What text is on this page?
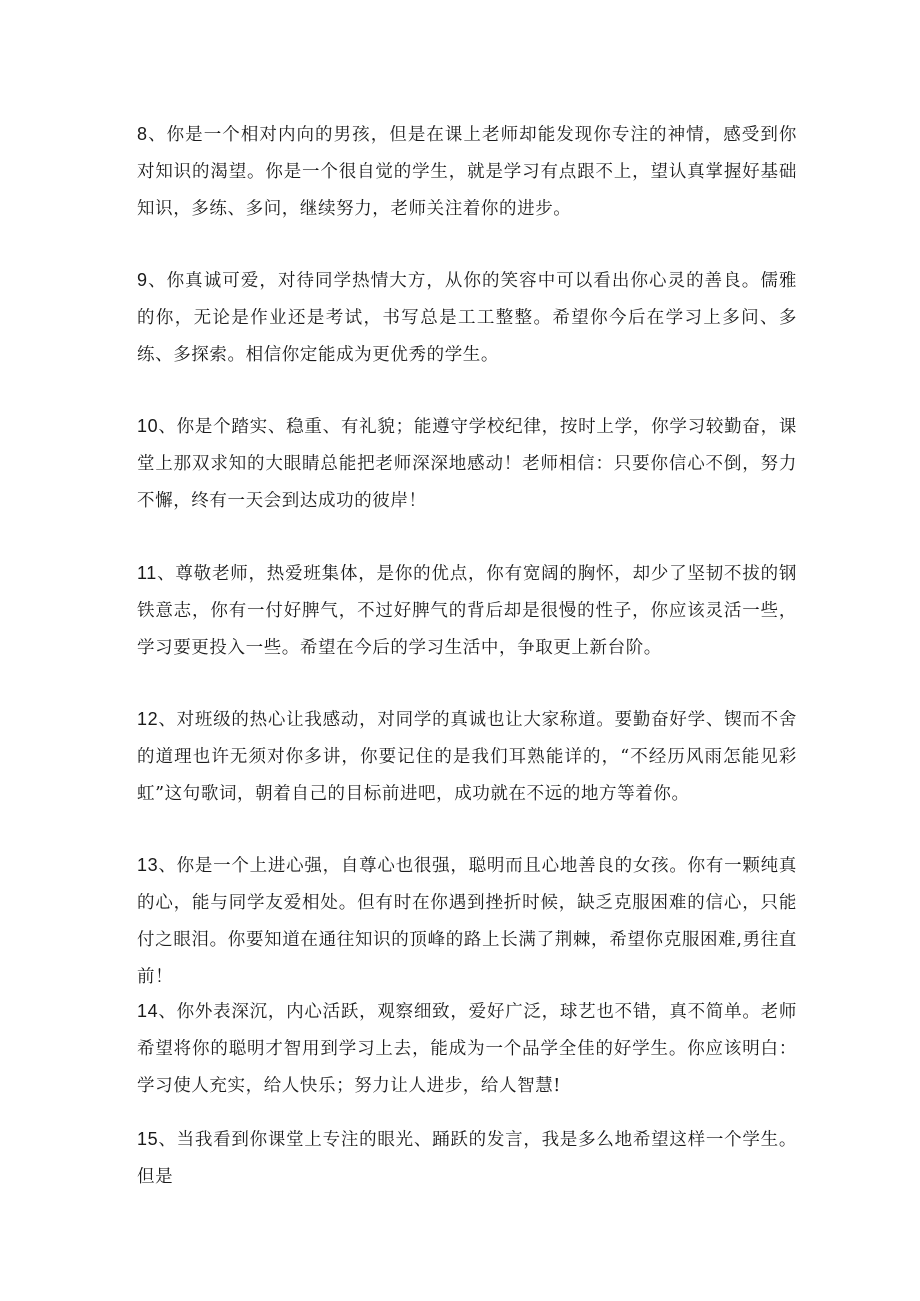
8、你是一个相对内向的男孩，但是在课上老师却能发现你专注的神情，感受到你对知识的渴望。你是一个很自觉的学生，就是学习有点跟不上，望认真掌握好基础知识，多练、多问，继续努力，老师关注着你的进步。

9、你真诚可爱，对待同学热情大方，从你的笑容中可以看出你心灵的善良。儒雅的你，无论是作业还是考试，书写总是工工整整。希望你今后在学习上多问、多练、多探索。相信你定能成为更优秀的学生。

10、你是个踏实、稳重、有礼貌；能遵守学校纪律，按时上学，你学习较勤奋，课堂上那双求知的大眼睛总能把老师深深地感动！老师相信：只要你信心不倒，努力不懈，终有一天会到达成功的彼岸！

11、尊敬老师，热爱班集体，是你的优点，你有宽阔的胸怀，却少了坚韧不拔的钢铁意志，你有一付好脾气，不过好脾气的背后却是很慢的性子，你应该灵活一些，学习要更投入一些。希望在今后的学习生活中，争取更上新台阶。

12、对班级的热心让我感动，对同学的真诚也让大家称道。要勤奋好学、锲而不舍的道理也许无须对你多讲，你要记住的是我们耳熟能详的，“不经历风雨怎能见彩虹”这句歌词，朝着自己的目标前进吧，成功就在不远的地方等着你。

13、你是一个上进心强，自尊心也很强，聪明而且心地善良的女孩。你有一颗纯真的心，能与同学友爱相处。但有时在你遇到挫折时候，缺乏克服困难的信心，只能付之眼泪。你要知道在通往知识的顶峰的路上长满了荆棘，希望你克服困难,勇往直前！

14、你外表深沉，内心活跃，观察细致，爱好广泛，球艺也不错，真不简单。老师希望将你的聪明才智用到学习上去，能成为一个品学全佳的好学生。你应该明白：学习使人充实，给人快乐；努力让人进步，给人智慧!

15、当我看到你课堂上专注的眼光、踊跃的发言，我是多么地希望这样一个学生。但是
